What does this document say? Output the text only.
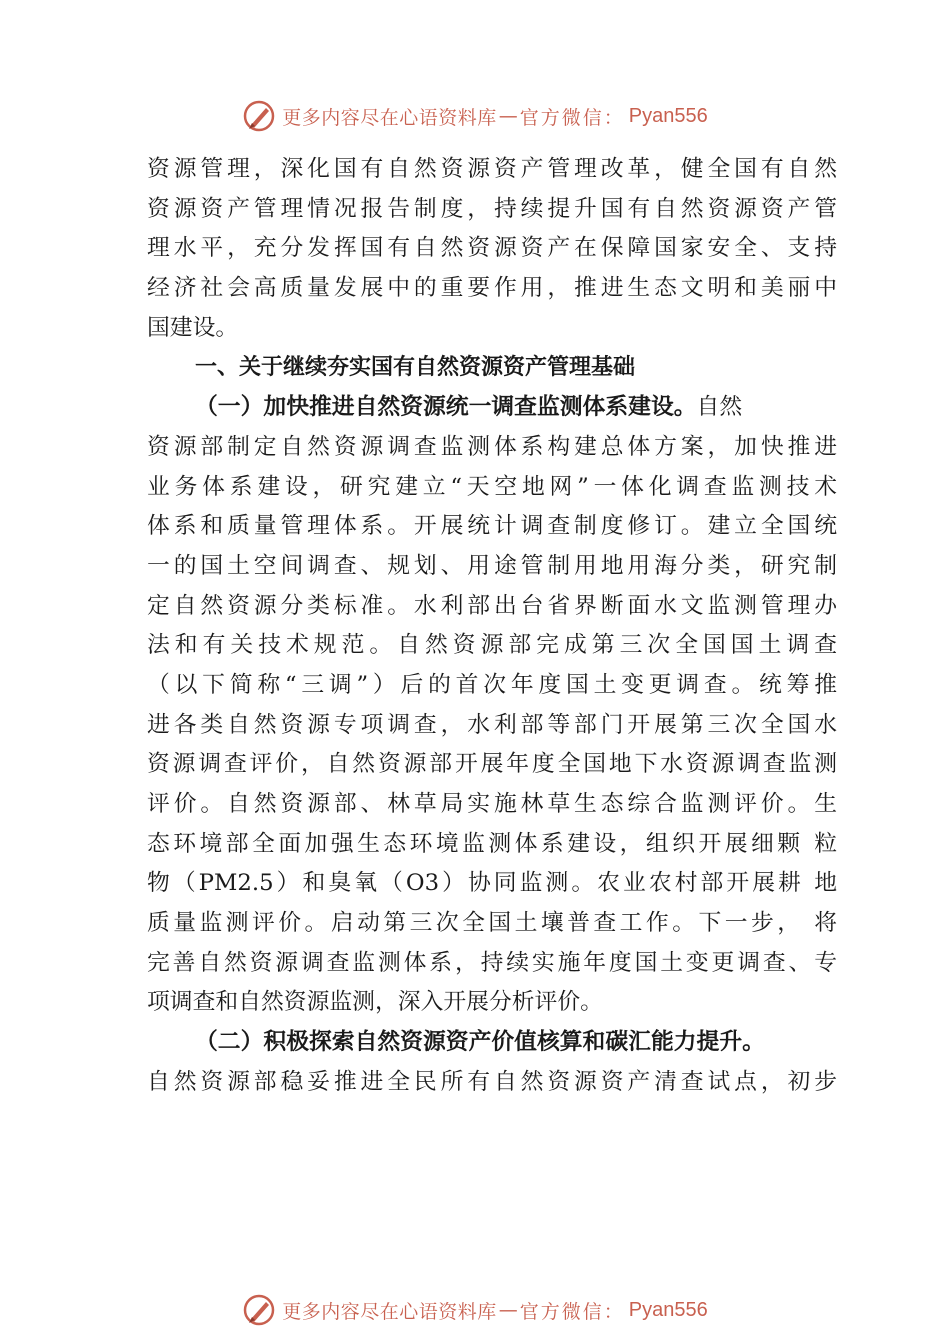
更多内容尽在心语资料库 — 官方微信： Pyan556
资源管理，深化国有自然资源资产管理改革，健全国有自然
资源资产管理情况报告制度，持续提升国有自然资源资产管
理水平，充分发挥国有自然资源资产在保障国家安全、支持
经济社会高质量发展中的重要作用，推进生态文明和美丽中
国建设。
一、关于继续夯实国有自然资源资产管理基础
（一）加快推进自然资源统一调查监测体系建设。自然
资源部制定自然资源调查监测体系构建总体方案，加快推进
业务体系建设，研究建立“天空地网”一体化调查监测技术
体系和质量管理体系。开展统计调查制度修订。建立全国统
一的国土空间调查、规划、用途管制用地用海分类，研究制
定自然资源分类标准。水利部出台省界断面水文监测管理办
法和有关技术规范。自然资源部完成第三次全国国土调查
（以下简称“三调”）后的首次年度国土变更调查。统筹推
进各类自然资源专项调查，水利部等部门开展第三次全国水
资源调查评价，自然资源部开展年度全国地下水资源调查监测
评价。自然资源部、林草局实施林草生态综合监测评价。生
态环境部全面加强生态环境监测体系建设，组织开展细颗 粒
物（PM2.5）和臭氧（O3）协同监测。农业农村部开展耕 地
质量监测评价。启动第三次全国土壤普查工作。下一步， 将
完善自然资源调查监测体系，持续实施年度国土变更调查、专
项调查和自然资源监测，深入开展分析评价。
（二）积极探索自然资源资产价值核算和碳汇能力提升。
自然资源部稳妥推进全民所有自然资源资产清查试点，初步
更多内容尽在心语资料库 — 官方微信： Pyan556
